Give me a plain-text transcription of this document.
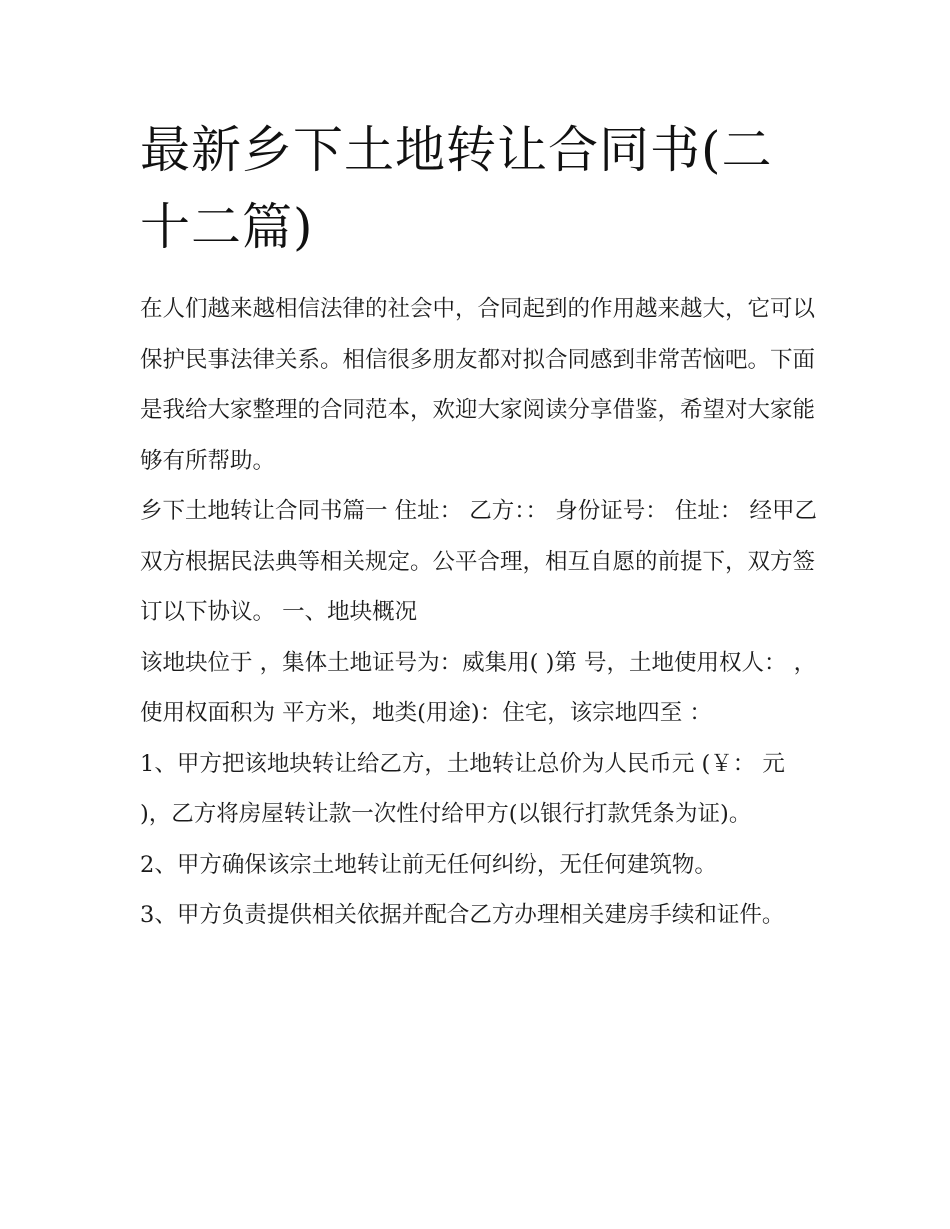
最新乡下土地转让合同书(二十二篇)

在人们越来越相信法律的社会中，合同起到的作用越来越大，它可以保护民事法律关系。相信很多朋友都对拟合同感到非常苦恼吧。下面是我给大家整理的合同范本，欢迎大家阅读分享借鉴，希望对大家能够有所帮助。

乡下土地转让合同书篇一 住址： 乙方：： 身份证号： 住址： 经甲乙双方根据民法典等相关规定。公平合理，相互自愿的前提下，双方签订以下协议。 一、地块概况

该地块位于 ，集体土地证号为：威集用( )第 号，土地使用权人： ，使用权面积为 平方米，地类(用途)：住宅，该宗地四至 ：

1、甲方把该地块转让给乙方，土地转让总价为人民币元 (￥： 元 )，乙方将房屋转让款一次性付给甲方(以银行打款凭条为证)。

2、甲方确保该宗土地转让前无任何纠纷，无任何建筑物。

3、甲方负责提供相关依据并配合乙方办理相关建房手续和证件。
